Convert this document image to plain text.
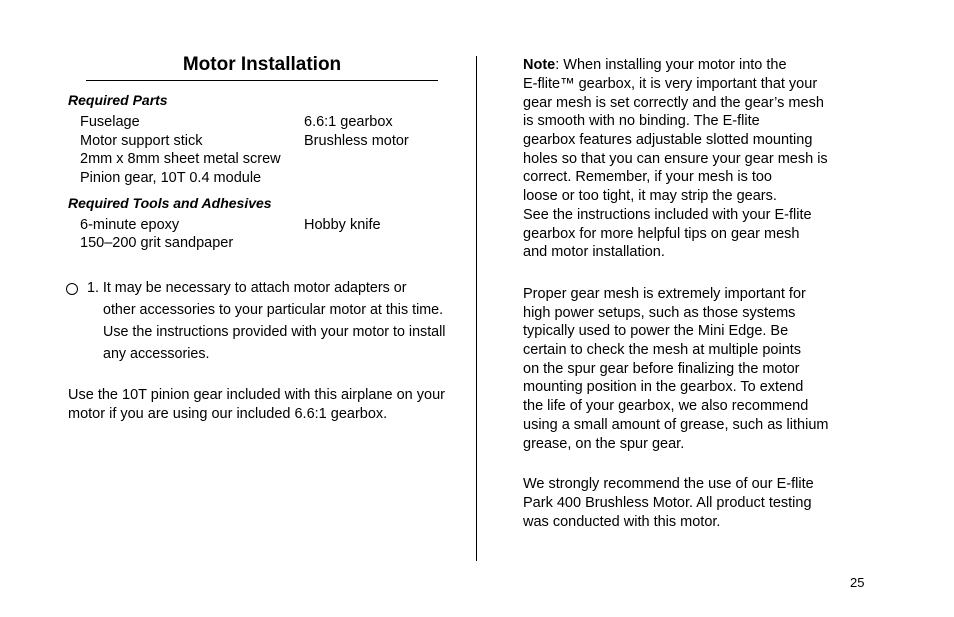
Motor Installation
Required Parts
Fuselage	6.6:1 gearbox
Motor support stick	Brushless motor
2mm x 8mm sheet metal screw
Pinion gear, 10T 0.4 module
Required Tools and Adhesives
6-minute epoxy	Hobby knife
150–200 grit sandpaper
1. It may be necessary to attach motor adapters or
other accessories to your particular motor at this time.
Use the instructions provided with your motor to install
any accessories.
Use the 10T pinion gear included with this airplane on your
motor if you are using our included 6.6:1 gearbox.
Note: When installing your motor into the
E-flite™ gearbox, it is very important that your
gear mesh is set correctly and the gear’s mesh
is smooth with no binding. The E-flite
gearbox features adjustable slotted mounting
holes so that you can ensure your gear mesh is
correct. Remember, if your mesh is too
loose or too tight, it may strip the gears.
See the instructions included with your E-flite
gearbox for more helpful tips on gear mesh
and motor installation.
Proper gear mesh is extremely important for
high power setups, such as those systems
typically used to power the Mini Edge. Be
certain to check the mesh at multiple points
on the spur gear before finalizing the motor
mounting position in the gearbox. To extend
the life of your gearbox, we also recommend
using a small amount of grease, such as lithium
grease, on the spur gear.
We strongly recommend the use of our E-flite
Park 400 Brushless Motor. All product testing
was conducted with this motor.
25
